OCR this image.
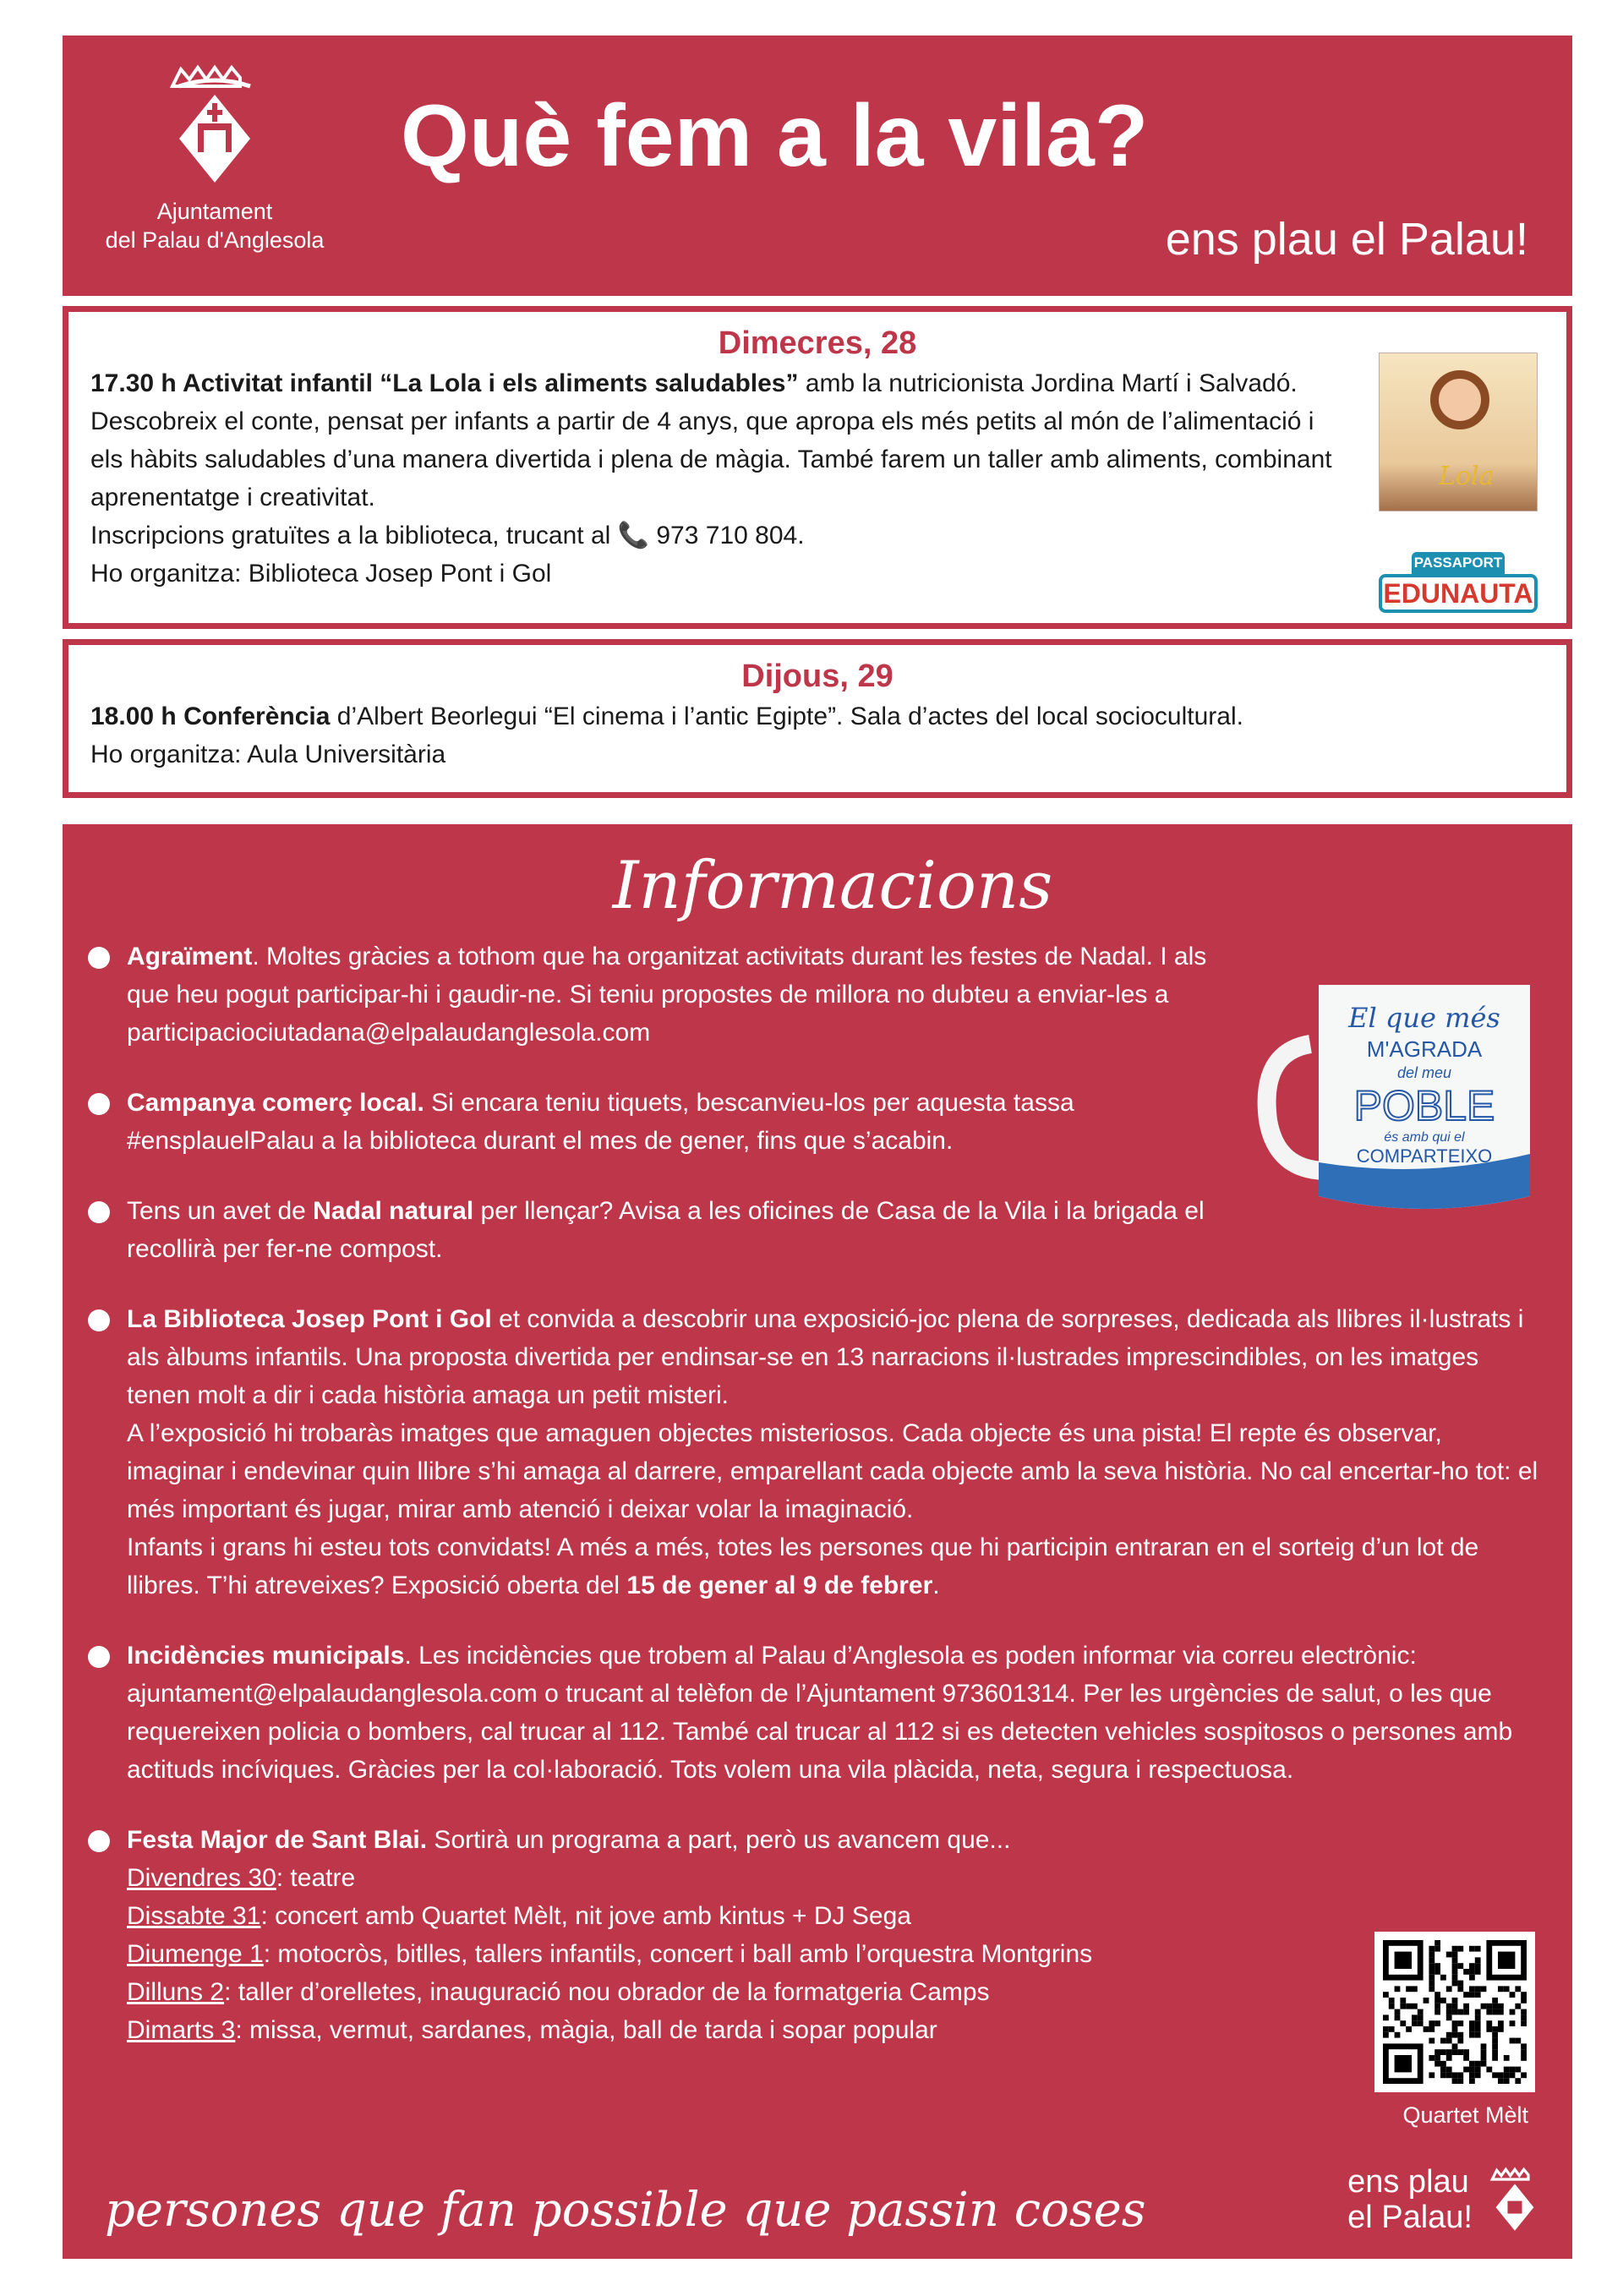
Ajuntament
del Palau d'Anglesola
Què fem a la vila?
ens plau el Palau!
Dimecres, 28

17.30 h Activitat infantil “La Lola i els aliments saludables” amb la nutricionista Jordina Martí i Salvadó. Descobreix el conte, pensat per infants a partir de 4 anys, que apropa els més petits al món de l’alimentació i els hàbits saludables d’una manera divertida i plena de màgia. També farem un taller amb aliments, combinant aprenentatge i creativitat.

Inscripcions gratuïtes a la biblioteca, trucant al 📞 973 710 804.

Ho organitza: Biblioteca Josep Pont i Gol

Lola
PASSAPORT
EDUNAUTA
Dijous, 29

18.00 h Conferència d’Albert Beorlegui “El cinema i l’antic Egipte”. Sala d’actes del local sociocultural.

Ho organitza: Aula Universitària

Informacions
El que més
M'AGRADA
del meu
POBLE
és amb qui el
COMPARTEIXO
Agraïment. Moltes gràcies a tothom que ha organitzat activitats durant les festes de Nadal. I als que heu pogut participar-hi i gaudir-ne. Si teniu propostes de millora no dubteu a enviar-les a participaciociutadana@elpalaudanglesola.com
Campanya comerç local. Si encara teniu tiquets, bescanvieu-los per aquesta tassa #ensplauelPalau a la biblioteca durant el mes de gener, fins que s’acabin.
Tens un avet de Nadal natural per llençar? Avisa a les oficines de Casa de la Vila i la brigada el recollirà per fer-ne compost.
La Biblioteca Josep Pont i Gol et convida a descobrir una exposició-joc plena de sorpreses, dedicada als llibres il·lustrats i als àlbums infantils. Una proposta divertida per endinsar-se en 13 narracions il·lustrades imprescindibles, on les imatges tenen molt a dir i cada història amaga un petit misteri.
A l’exposició hi trobaràs imatges que amaguen objectes misteriosos. Cada objecte és una pista! El repte és observar, imaginar i endevinar quin llibre s’hi amaga al darrere, emparellant cada objecte amb la seva història. No cal encertar-ho tot: el més important és jugar, mirar amb atenció i deixar volar la imaginació.
Infants i grans hi esteu tots convidats! A més a més, totes les persones que hi participin entraran en el sorteig d’un lot de llibres. T’hi atreveixes? Exposició oberta del 15 de gener al 9 de febrer.
Incidències municipals. Les incidències que trobem al Palau d’Anglesola es poden informar via correu electrònic: ajuntament@elpalaudanglesola.com o trucant al telèfon de l’Ajuntament 973601314. Per les urgències de salut, o les que requereixen policia o bombers, cal trucar al 112. També cal trucar al 112 si es detecten vehicles sospitosos o persones amb actituds incíviques. Gràcies per la col·laboració. Tots volem una vila plàcida, neta, segura i respectuosa.
Festa Major de Sant Blai. Sortirà un programa a part, però us avancem que...
Divendres 30: teatre
Dissabte 31: concert amb Quartet Mèlt, nit jove amb kintus + DJ Sega
Diumenge 1: motocròs, bitlles, tallers infantils, concert i ball amb l’orquestra Montgrins
Dilluns 2: taller d’orelletes, inauguració nou obrador de la formatgeria Camps
Dimarts 3: missa, vermut, sardanes, màgia, ball de tarda i sopar popular
Quartet Mèlt
persones que fan possible que passin coses
ens plau
el Palau!
